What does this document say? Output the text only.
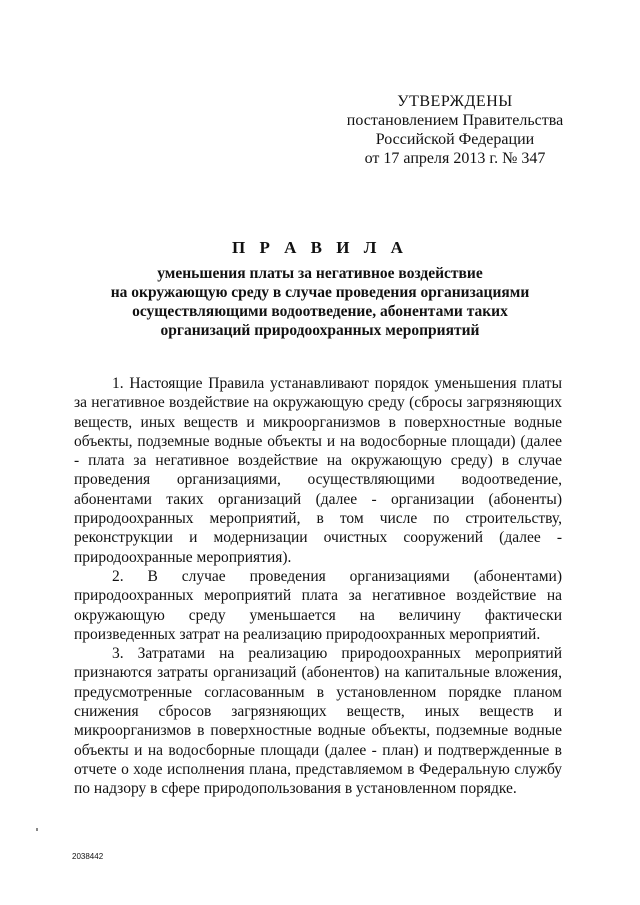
УТВЕРЖДЕНЫ
постановлением Правительства
Российской Федерации
от 17 апреля 2013 г. № 347
П Р А В И Л А
уменьшения платы за негативное воздействие
на окружающую среду в случае проведения организациями
осуществляющими водоотведение, абонентами таких
организаций природоохранных мероприятий

1. Настоящие Правила устанавливают порядок уменьшения платы за негативное воздействие на окружающую среду (сбросы загрязняющих веществ, иных веществ и микроорганизмов в поверхностные водные объекты, подземные водные объекты и на водосборные площади) (далее - плата за негативное воздействие на окружающую среду) в случае проведения организациями, осуществляющими водоотведение, абонентами таких организаций (далее - организации (абоненты) природоохранных мероприятий, в том числе по строительству, реконструкции и модернизации очистных сооружений (далее - природоохранные мероприятия).

2. В случае проведения организациями (абонентами) природоохранных мероприятий плата за негативное воздействие на окружающую среду уменьшается на величину фактически произведенных затрат на реализацию природоохранных мероприятий.

3. Затратами на реализацию природоохранных мероприятий признаются затраты организаций (абонентов) на капитальные вложения, предусмотренные согласованным в установленном порядке планом снижения сбросов загрязняющих веществ, иных веществ и микроорганизмов в поверхностные водные объекты, подземные водные объекты и на водосборные площади (далее - план) и подтвержденные в отчете о ходе исполнения плана, представляемом в Федеральную службу по надзору в сфере природопользования в установленном порядке.

2038442
